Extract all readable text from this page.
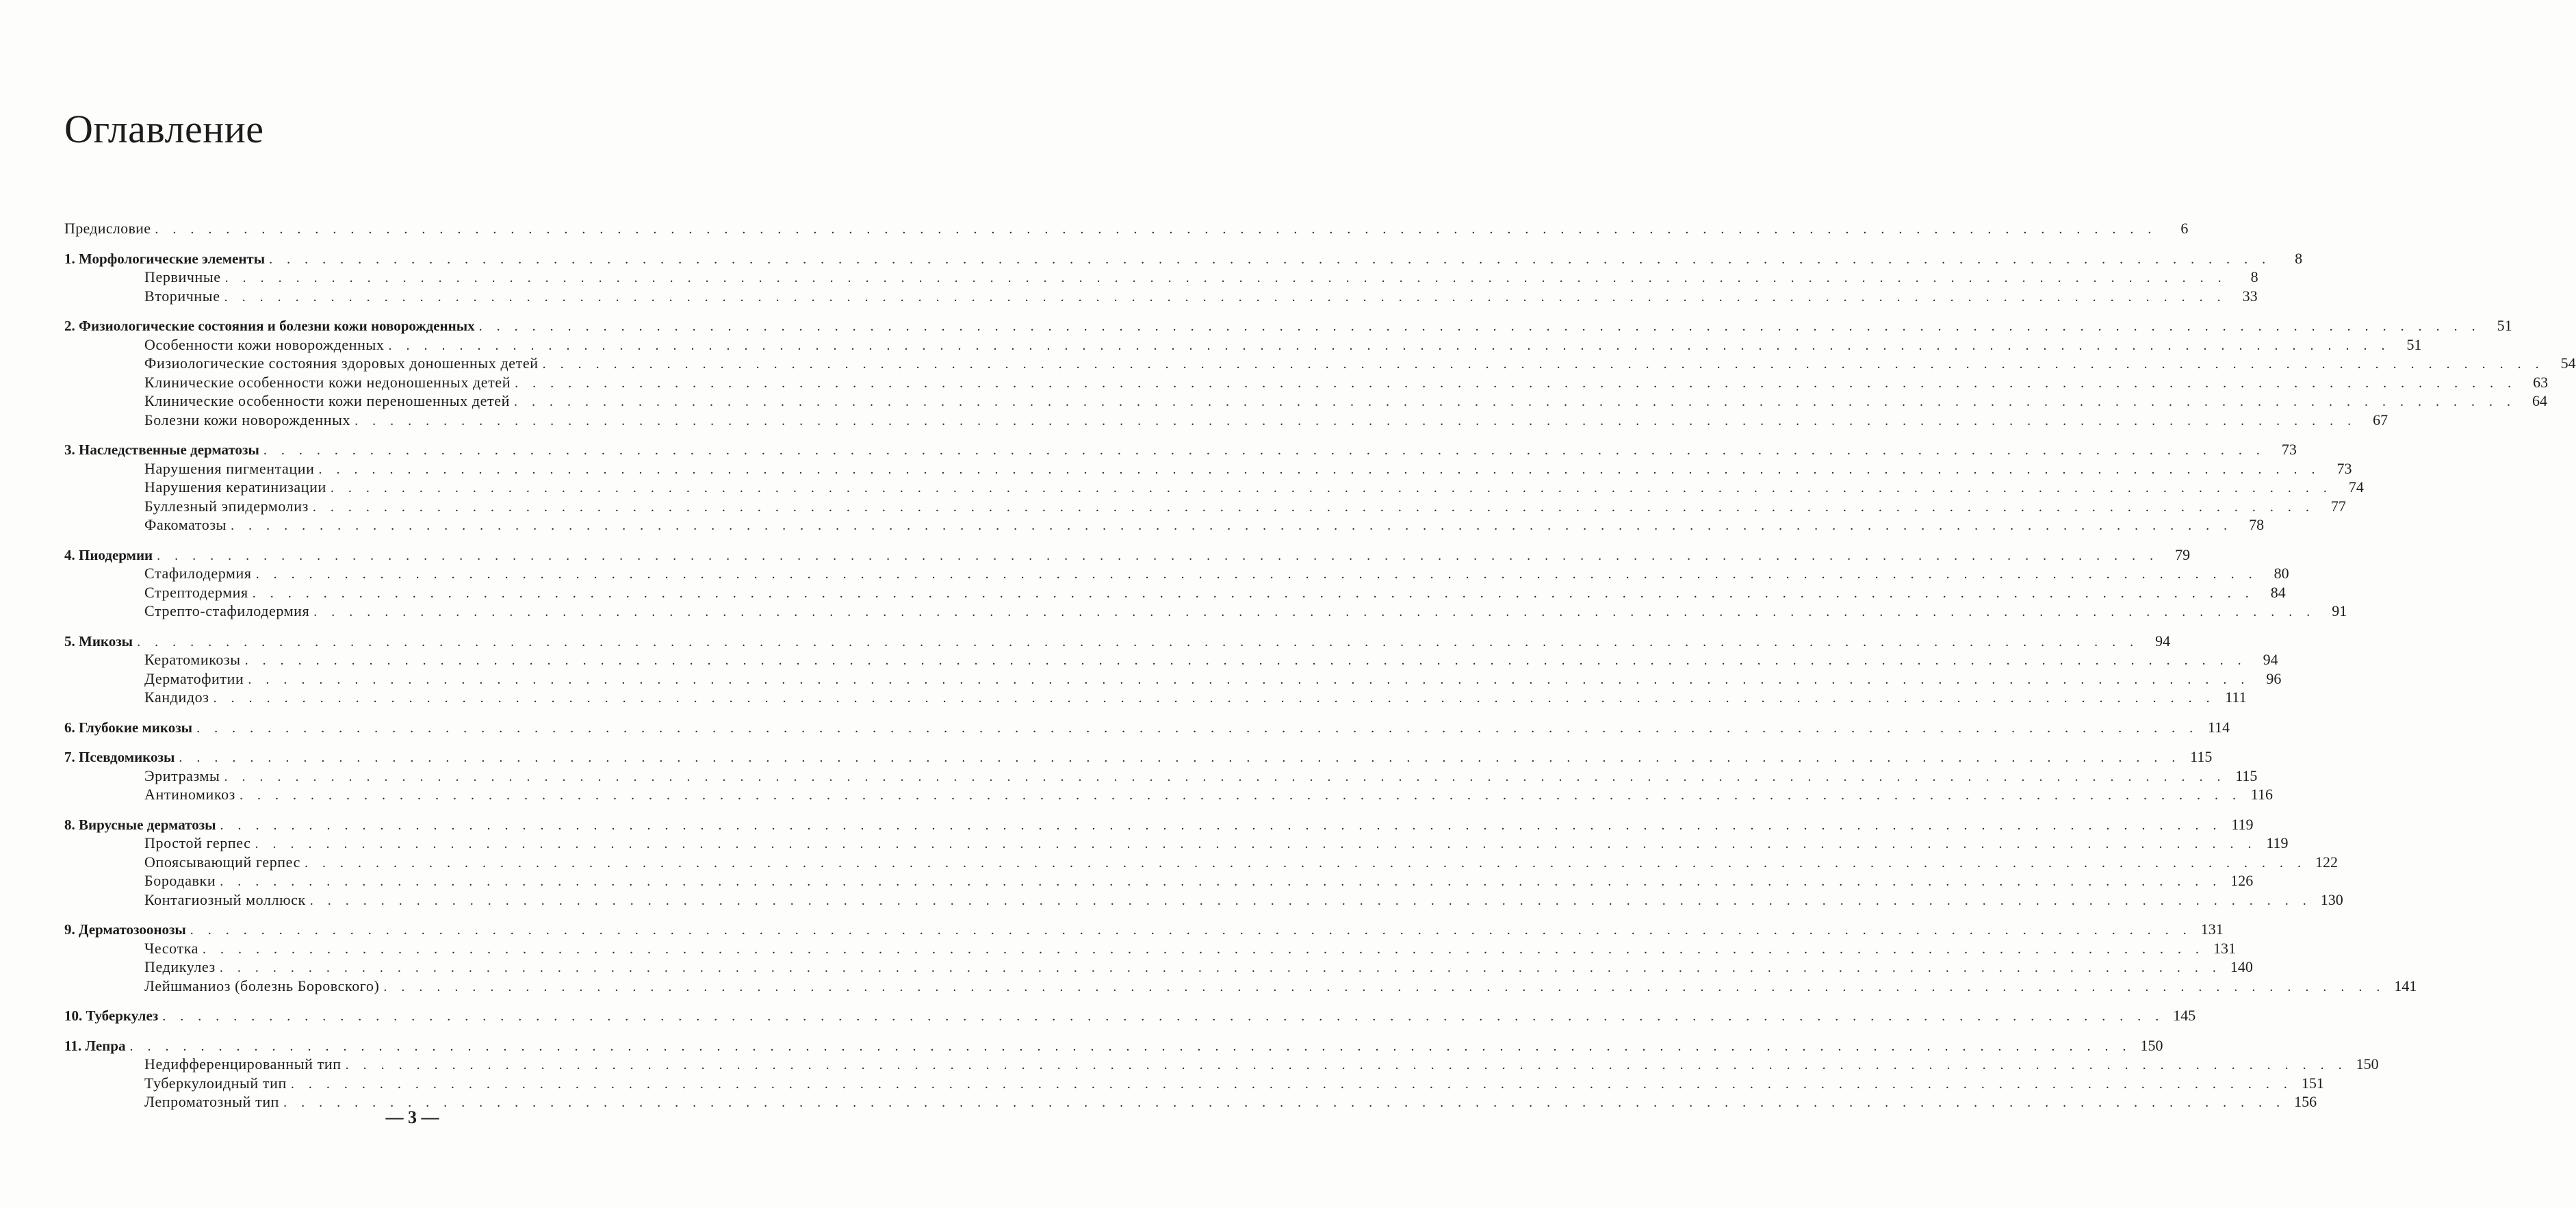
Оглавление
Предисловие . . . . . . . . . . . . . . . . . . . . . . . . . . . . . . . . . . . . . . . . . . . . . . . . . . . . . . . . . . . . . . . . . . . . . . . . . . . . . . . . . . . . . . . . . . . . . . . . . . . . . . . . . . . . . . . . .	6
1. Морфологические элементы . . . . . . . . . . . . . . . . . . . . . . . . . . . . . . . . . . . . . . . . . . . . . . . . . . . . . . . . . . . . . . . . . . . . . . . . . . . . . . . . . . . . . . . . . . . . . . . . . . . . . . . . . . . . . . . . .	8
Первичные . . . . . . . . . . . . . . . . . . . . . . . . . . . . . . . . . . . . . . . . . . . . . . . . . . . . . . . . . . . . . . . . . . . . . . . . . . . . . . . . . . . . . . . . . . . . . . . . . . . . . . . . . . . . . . . . .	8
Вторичные . . . . . . . . . . . . . . . . . . . . . . . . . . . . . . . . . . . . . . . . . . . . . . . . . . . . . . . . . . . . . . . . . . . . . . . . . . . . . . . . . . . . . . . . . . . . . . . . . . . . . . . . . . . . . . . . .	33
2. Физиологические состояния и болезни кожи новорожденных . . . . . . . . . . . . . . . . . . . . . . . . . . . . . . . . . . . . . . . . . . . . . . . . . . . . . . . . . . . . . . . . . . . . . . . . . . . . . . . . . . . . . . . . . . . . . . . . . . . . . . . . . . . . . . . . .	51
Особенности кожи новорожденных . . . . . . . . . . . . . . . . . . . . . . . . . . . . . . . . . . . . . . . . . . . . . . . . . . . . . . . . . . . . . . . . . . . . . . . . . . . . . . . . . . . . . . . . . . . . . . . . . . . . . . . . . . . . . . . . .	51
Физиологические состояния здоровых доношенных детей . . . . . . . . . . . . . . . . . . . . . . . . . . . . . . . . . . . . . . . . . . . . . . . . . . . . . . . . . . . . . . . . . . . . . . . . . . . . . . . . . . . . . . . . . . . . . . . . . . . . . . . . . . . . . . . . .	54
Клинические особенности кожи недоношенных детей . . . . . . . . . . . . . . . . . . . . . . . . . . . . . . . . . . . . . . . . . . . . . . . . . . . . . . . . . . . . . . . . . . . . . . . . . . . . . . . . . . . . . . . . . . . . . . . . . . . . . . . . . . . . . . . . .	63
Клинические особенности кожи переношенных детей . . . . . . . . . . . . . . . . . . . . . . . . . . . . . . . . . . . . . . . . . . . . . . . . . . . . . . . . . . . . . . . . . . . . . . . . . . . . . . . . . . . . . . . . . . . . . . . . . . . . . . . . . . . . . . . . .	64
Болезни кожи новорожденных . . . . . . . . . . . . . . . . . . . . . . . . . . . . . . . . . . . . . . . . . . . . . . . . . . . . . . . . . . . . . . . . . . . . . . . . . . . . . . . . . . . . . . . . . . . . . . . . . . . . . . . . . . . . . . . . .	67
3. Наследственные дерматозы . . . . . . . . . . . . . . . . . . . . . . . . . . . . . . . . . . . . . . . . . . . . . . . . . . . . . . . . . . . . . . . . . . . . . . . . . . . . . . . . . . . . . . . . . . . . . . . . . . . . . . . . . . . . . . . . .	73
Нарушения пигментации . . . . . . . . . . . . . . . . . . . . . . . . . . . . . . . . . . . . . . . . . . . . . . . . . . . . . . . . . . . . . . . . . . . . . . . . . . . . . . . . . . . . . . . . . . . . . . . . . . . . . . . . . . . . . . . . .	73
Нарушения кератинизации . . . . . . . . . . . . . . . . . . . . . . . . . . . . . . . . . . . . . . . . . . . . . . . . . . . . . . . . . . . . . . . . . . . . . . . . . . . . . . . . . . . . . . . . . . . . . . . . . . . . . . . . . . . . . . . . .	74
Буллезный эпидермолиз . . . . . . . . . . . . . . . . . . . . . . . . . . . . . . . . . . . . . . . . . . . . . . . . . . . . . . . . . . . . . . . . . . . . . . . . . . . . . . . . . . . . . . . . . . . . . . . . . . . . . . . . . . . . . . . . .	77
Факоматозы . . . . . . . . . . . . . . . . . . . . . . . . . . . . . . . . . . . . . . . . . . . . . . . . . . . . . . . . . . . . . . . . . . . . . . . . . . . . . . . . . . . . . . . . . . . . . . . . . . . . . . . . . . . . . . . . .	78
4. Пиодермии . . . . . . . . . . . . . . . . . . . . . . . . . . . . . . . . . . . . . . . . . . . . . . . . . . . . . . . . . . . . . . . . . . . . . . . . . . . . . . . . . . . . . . . . . . . . . . . . . . . . . . . . . . . . . . . . .	79
Стафилодермия . . . . . . . . . . . . . . . . . . . . . . . . . . . . . . . . . . . . . . . . . . . . . . . . . . . . . . . . . . . . . . . . . . . . . . . . . . . . . . . . . . . . . . . . . . . . . . . . . . . . . . . . . . . . . . . . .	80
Стрептодермия . . . . . . . . . . . . . . . . . . . . . . . . . . . . . . . . . . . . . . . . . . . . . . . . . . . . . . . . . . . . . . . . . . . . . . . . . . . . . . . . . . . . . . . . . . . . . . . . . . . . . . . . . . . . . . . . .	84
Стрепто-стафилодермия . . . . . . . . . . . . . . . . . . . . . . . . . . . . . . . . . . . . . . . . . . . . . . . . . . . . . . . . . . . . . . . . . . . . . . . . . . . . . . . . . . . . . . . . . . . . . . . . . . . . . . . . . . . . . . . . .	91
5. Микозы . . . . . . . . . . . . . . . . . . . . . . . . . . . . . . . . . . . . . . . . . . . . . . . . . . . . . . . . . . . . . . . . . . . . . . . . . . . . . . . . . . . . . . . . . . . . . . . . . . . . . . . . . . . . . . . . .	94
Кератомикозы . . . . . . . . . . . . . . . . . . . . . . . . . . . . . . . . . . . . . . . . . . . . . . . . . . . . . . . . . . . . . . . . . . . . . . . . . . . . . . . . . . . . . . . . . . . . . . . . . . . . . . . . . . . . . . . . .	94
Дерматофитии . . . . . . . . . . . . . . . . . . . . . . . . . . . . . . . . . . . . . . . . . . . . . . . . . . . . . . . . . . . . . . . . . . . . . . . . . . . . . . . . . . . . . . . . . . . . . . . . . . . . . . . . . . . . . . . . .	96
Кандидоз . . . . . . . . . . . . . . . . . . . . . . . . . . . . . . . . . . . . . . . . . . . . . . . . . . . . . . . . . . . . . . . . . . . . . . . . . . . . . . . . . . . . . . . . . . . . . . . . . . . . . . . . . . . . . . . . . 111
6. Глубокие микозы . . . . . . . . . . . . . . . . . . . . . . . . . . . . . . . . . . . . . . . . . . . . . . . . . . . . . . . . . . . . . . . . . . . . . . . . . . . . . . . . . . . . . . . . . . . . . . . . . . . . . . . . . . . . . . . . . 114
7. Псевдомикозы . . . . . . . . . . . . . . . . . . . . . . . . . . . . . . . . . . . . . . . . . . . . . . . . . . . . . . . . . . . . . . . . . . . . . . . . . . . . . . . . . . . . . . . . . . . . . . . . . . . . . . . . . . . . . . . . . 115
Эритразмы . . . . . . . . . . . . . . . . . . . . . . . . . . . . . . . . . . . . . . . . . . . . . . . . . . . . . . . . . . . . . . . . . . . . . . . . . . . . . . . . . . . . . . . . . . . . . . . . . . . . . . . . . . . . . . . . . 115
Антиномикоз . . . . . . . . . . . . . . . . . . . . . . . . . . . . . . . . . . . . . . . . . . . . . . . . . . . . . . . . . . . . . . . . . . . . . . . . . . . . . . . . . . . . . . . . . . . . . . . . . . . . . . . . . . . . . . . . . 116
8. Вирусные дерматозы . . . . . . . . . . . . . . . . . . . . . . . . . . . . . . . . . . . . . . . . . . . . . . . . . . . . . . . . . . . . . . . . . . . . . . . . . . . . . . . . . . . . . . . . . . . . . . . . . . . . . . . . . . . . . . . . . 119
Простой герпес . . . . . . . . . . . . . . . . . . . . . . . . . . . . . . . . . . . . . . . . . . . . . . . . . . . . . . . . . . . . . . . . . . . . . . . . . . . . . . . . . . . . . . . . . . . . . . . . . . . . . . . . . . . . . . . . . 119
Опоясывающий герпес . . . . . . . . . . . . . . . . . . . . . . . . . . . . . . . . . . . . . . . . . . . . . . . . . . . . . . . . . . . . . . . . . . . . . . . . . . . . . . . . . . . . . . . . . . . . . . . . . . . . . . . . . . . . . . . . . 122
Бородавки . . . . . . . . . . . . . . . . . . . . . . . . . . . . . . . . . . . . . . . . . . . . . . . . . . . . . . . . . . . . . . . . . . . . . . . . . . . . . . . . . . . . . . . . . . . . . . . . . . . . . . . . . . . . . . . . . 126
Контагиозный моллюск . . . . . . . . . . . . . . . . . . . . . . . . . . . . . . . . . . . . . . . . . . . . . . . . . . . . . . . . . . . . . . . . . . . . . . . . . . . . . . . . . . . . . . . . . . . . . . . . . . . . . . . . . . . . . . . . . 130
9. Дерматозоонозы . . . . . . . . . . . . . . . . . . . . . . . . . . . . . . . . . . . . . . . . . . . . . . . . . . . . . . . . . . . . . . . . . . . . . . . . . . . . . . . . . . . . . . . . . . . . . . . . . . . . . . . . . . . . . . . . . 131
Чесотка . . . . . . . . . . . . . . . . . . . . . . . . . . . . . . . . . . . . . . . . . . . . . . . . . . . . . . . . . . . . . . . . . . . . . . . . . . . . . . . . . . . . . . . . . . . . . . . . . . . . . . . . . . . . . . . . . 131
Педикулез . . . . . . . . . . . . . . . . . . . . . . . . . . . . . . . . . . . . . . . . . . . . . . . . . . . . . . . . . . . . . . . . . . . . . . . . . . . . . . . . . . . . . . . . . . . . . . . . . . . . . . . . . . . . . . . . . 140
Лейшманиоз (болезнь Боровского) . . . . . . . . . . . . . . . . . . . . . . . . . . . . . . . . . . . . . . . . . . . . . . . . . . . . . . . . . . . . . . . . . . . . . . . . . . . . . . . . . . . . . . . . . . . . . . . . . . . . . . . . . . . . . . . . . 141
10. Туберкулез . . . . . . . . . . . . . . . . . . . . . . . . . . . . . . . . . . . . . . . . . . . . . . . . . . . . . . . . . . . . . . . . . . . . . . . . . . . . . . . . . . . . . . . . . . . . . . . . . . . . . . . . . . . . . . . . . 145
11. Лепра . . . . . . . . . . . . . . . . . . . . . . . . . . . . . . . . . . . . . . . . . . . . . . . . . . . . . . . . . . . . . . . . . . . . . . . . . . . . . . . . . . . . . . . . . . . . . . . . . . . . . . . . . . . . . . . . . 150
Недифференцированный тип . . . . . . . . . . . . . . . . . . . . . . . . . . . . . . . . . . . . . . . . . . . . . . . . . . . . . . . . . . . . . . . . . . . . . . . . . . . . . . . . . . . . . . . . . . . . . . . . . . . . . . . . . . . . . . . . . 150
Туберкулоидный тип . . . . . . . . . . . . . . . . . . . . . . . . . . . . . . . . . . . . . . . . . . . . . . . . . . . . . . . . . . . . . . . . . . . . . . . . . . . . . . . . . . . . . . . . . . . . . . . . . . . . . . . . . . . . . . . . . 151
Лепроматозный тип . . . . . . . . . . . . . . . . . . . . . . . . . . . . . . . . . . . . . . . . . . . . . . . . . . . . . . . . . . . . . . . . . . . . . . . . . . . . . . . . . . . . . . . . . . . . . . . . . . . . . . . . . . . . . . . . . 156
— 3 —
